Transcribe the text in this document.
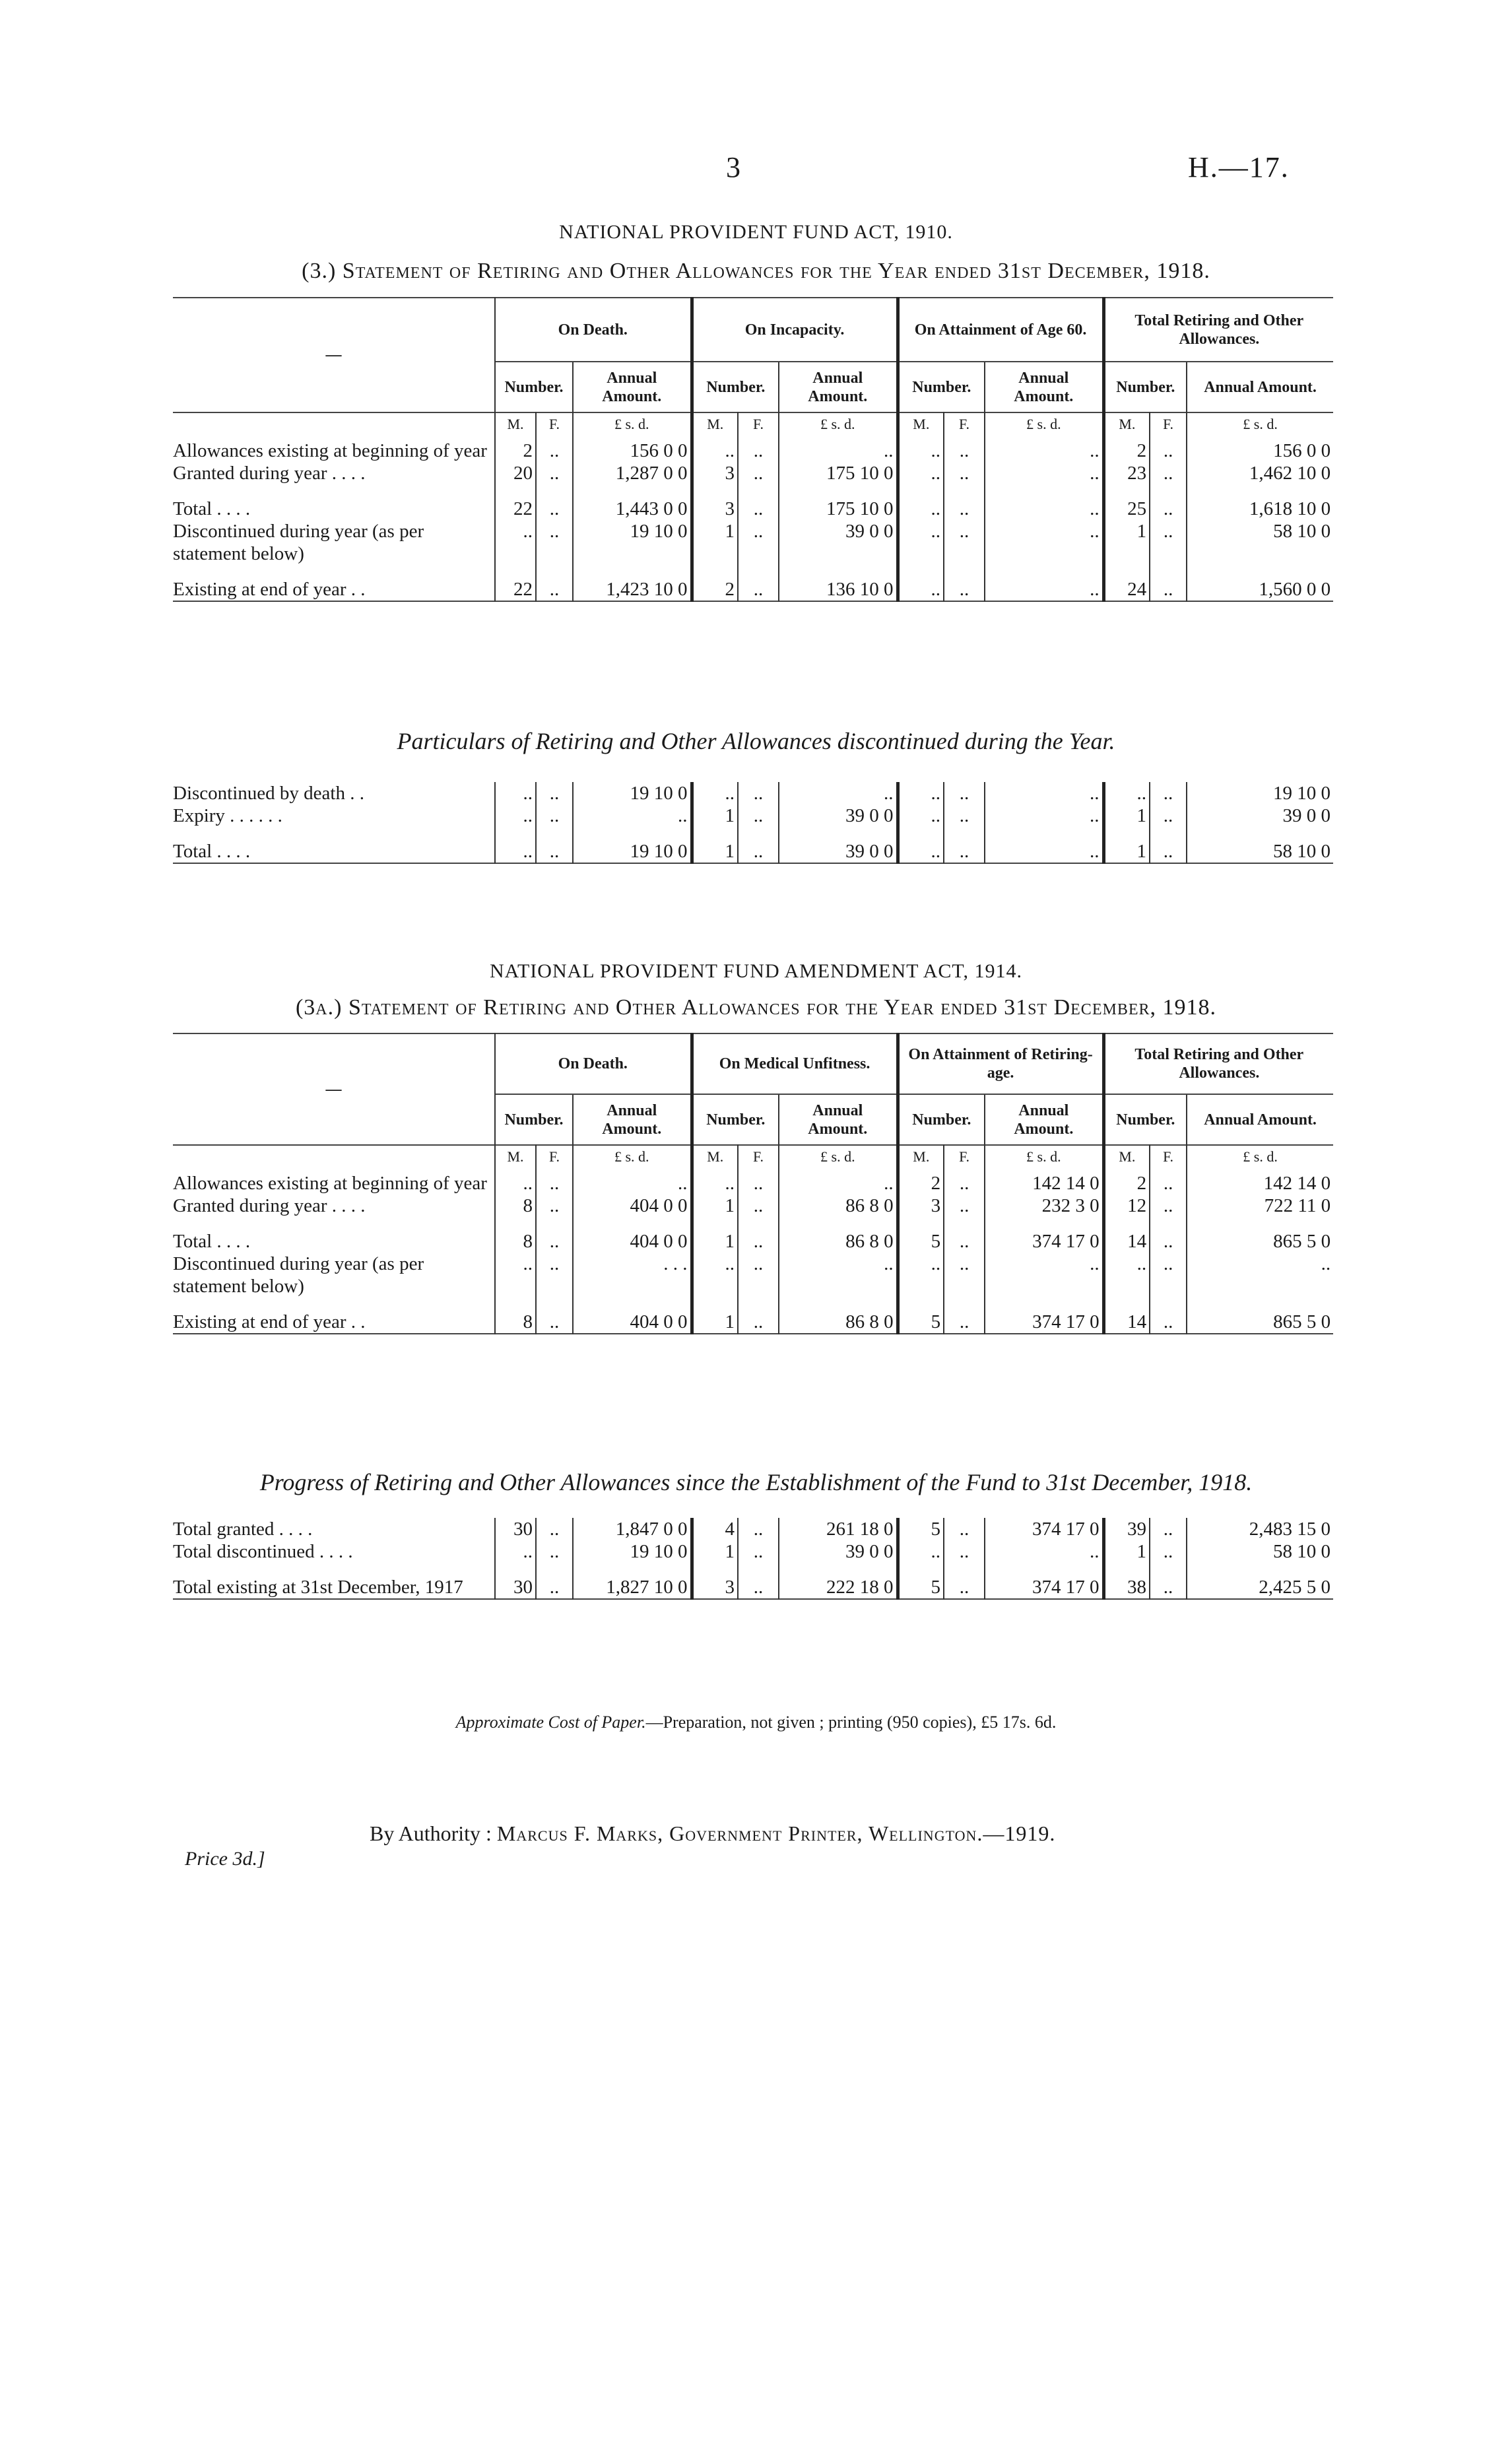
3	H.—17.
NATIONAL PROVIDENT FUND ACT, 1910.
(3.) Statement of Retiring and Other Allowances for the Year ended 31st December, 1918.
—	On Death.			On Incapacity.			On Attainment of Age 60.			Total Retiring and Other Allowances.		
	Number.		Annual Amount.	Number.		Annual Amount.	Number.		Annual Amount.	Number.		Annual Amount.
	M.	F.	£ s. d.	M.	F.	£ s. d.	M.	F.	£ s. d.	M.	F.	£ s. d.
Allowances existing at beginning of year	2	..	156 0 0	..	..	..	..	..	..	2	..	156 0 0
Granted during year . . . .	20	..	1,287 0 0	3	..	175 10 0	..	..	..	23	..	1,462 10 0

Total . . . .	22	..	1,443 0 0	3	..	175 10 0	..	..	..	25	..	1,618 10 0
Discontinued during year (as per statement below)	..	..	19 10 0	1	..	39 0 0	..	..	..	1	..	58 10 0

Existing at end of year . .	22	..	1,423 10 0	2	..	136 10 0	..	..	..	24	..	1,560 0 0
Particulars of Retiring and Other Allowances discontinued during the Year.
Discontinued by death . .	..	..	19 10 0	..	..	..	..	..	..	..	..	19 10 0
Expiry . . . . . .	..	..	..	1	..	39 0 0	..	..	..	1	..	39 0 0

Total . . . .	..	..	19 10 0	1	..	39 0 0	..	..	..	1	..	58 10 0
NATIONAL PROVIDENT FUND AMENDMENT ACT, 1914.
(3a.) Statement of Retiring and Other Allowances for the Year ended 31st December, 1918.
—	On Death.			On Medical Unfitness.			On Attainment of Retiring-age.			Total Retiring and Other Allowances.		
	Number.		Annual Amount.	Number.		Annual Amount.	Number.		Annual Amount.	Number.		Annual Amount.
	M.	F.	£ s. d.	M.	F.	£ s. d.	M.	F.	£ s. d.	M.	F.	£ s. d.
Allowances existing at beginning of year	..	..	..	..	..	..	2	..	142 14 0	2	..	142 14 0
Granted during year . . . .	8	..	404 0 0	1	..	86 8 0	3	..	232 3 0	12	..	722 11 0

Total . . . .	8	..	404 0 0	1	..	86 8 0	5	..	374 17 0	14	..	865 5 0
Discontinued during year (as per statement below)	..	..	. . .	..	..	..	..	..	..	..	..	..

Existing at end of year . .	8	..	404 0 0	1	..	86 8 0	5	..	374 17 0	14	..	865 5 0
Progress of Retiring and Other Allowances since the Establishment of the Fund to 31st December, 1918.
Total granted . . . .	30	..	1,847 0 0	4	..	261 18 0	5	..	374 17 0	39	..	2,483 15 0
Total discontinued . . . .	..	..	19 10 0	1	..	39 0 0	..	..	..	1	..	58 10 0

Total existing at 31st December, 1917	30	..	1,827 10 0	3	..	222 18 0	5	..	374 17 0	38	..	2,425 5 0
Approximate Cost of Paper.—Preparation, not given ; printing (950 copies), £5 17s. 6d.
By Authority : Marcus F. Marks, Government Printer, Wellington.—1919.
Price 3d.]
